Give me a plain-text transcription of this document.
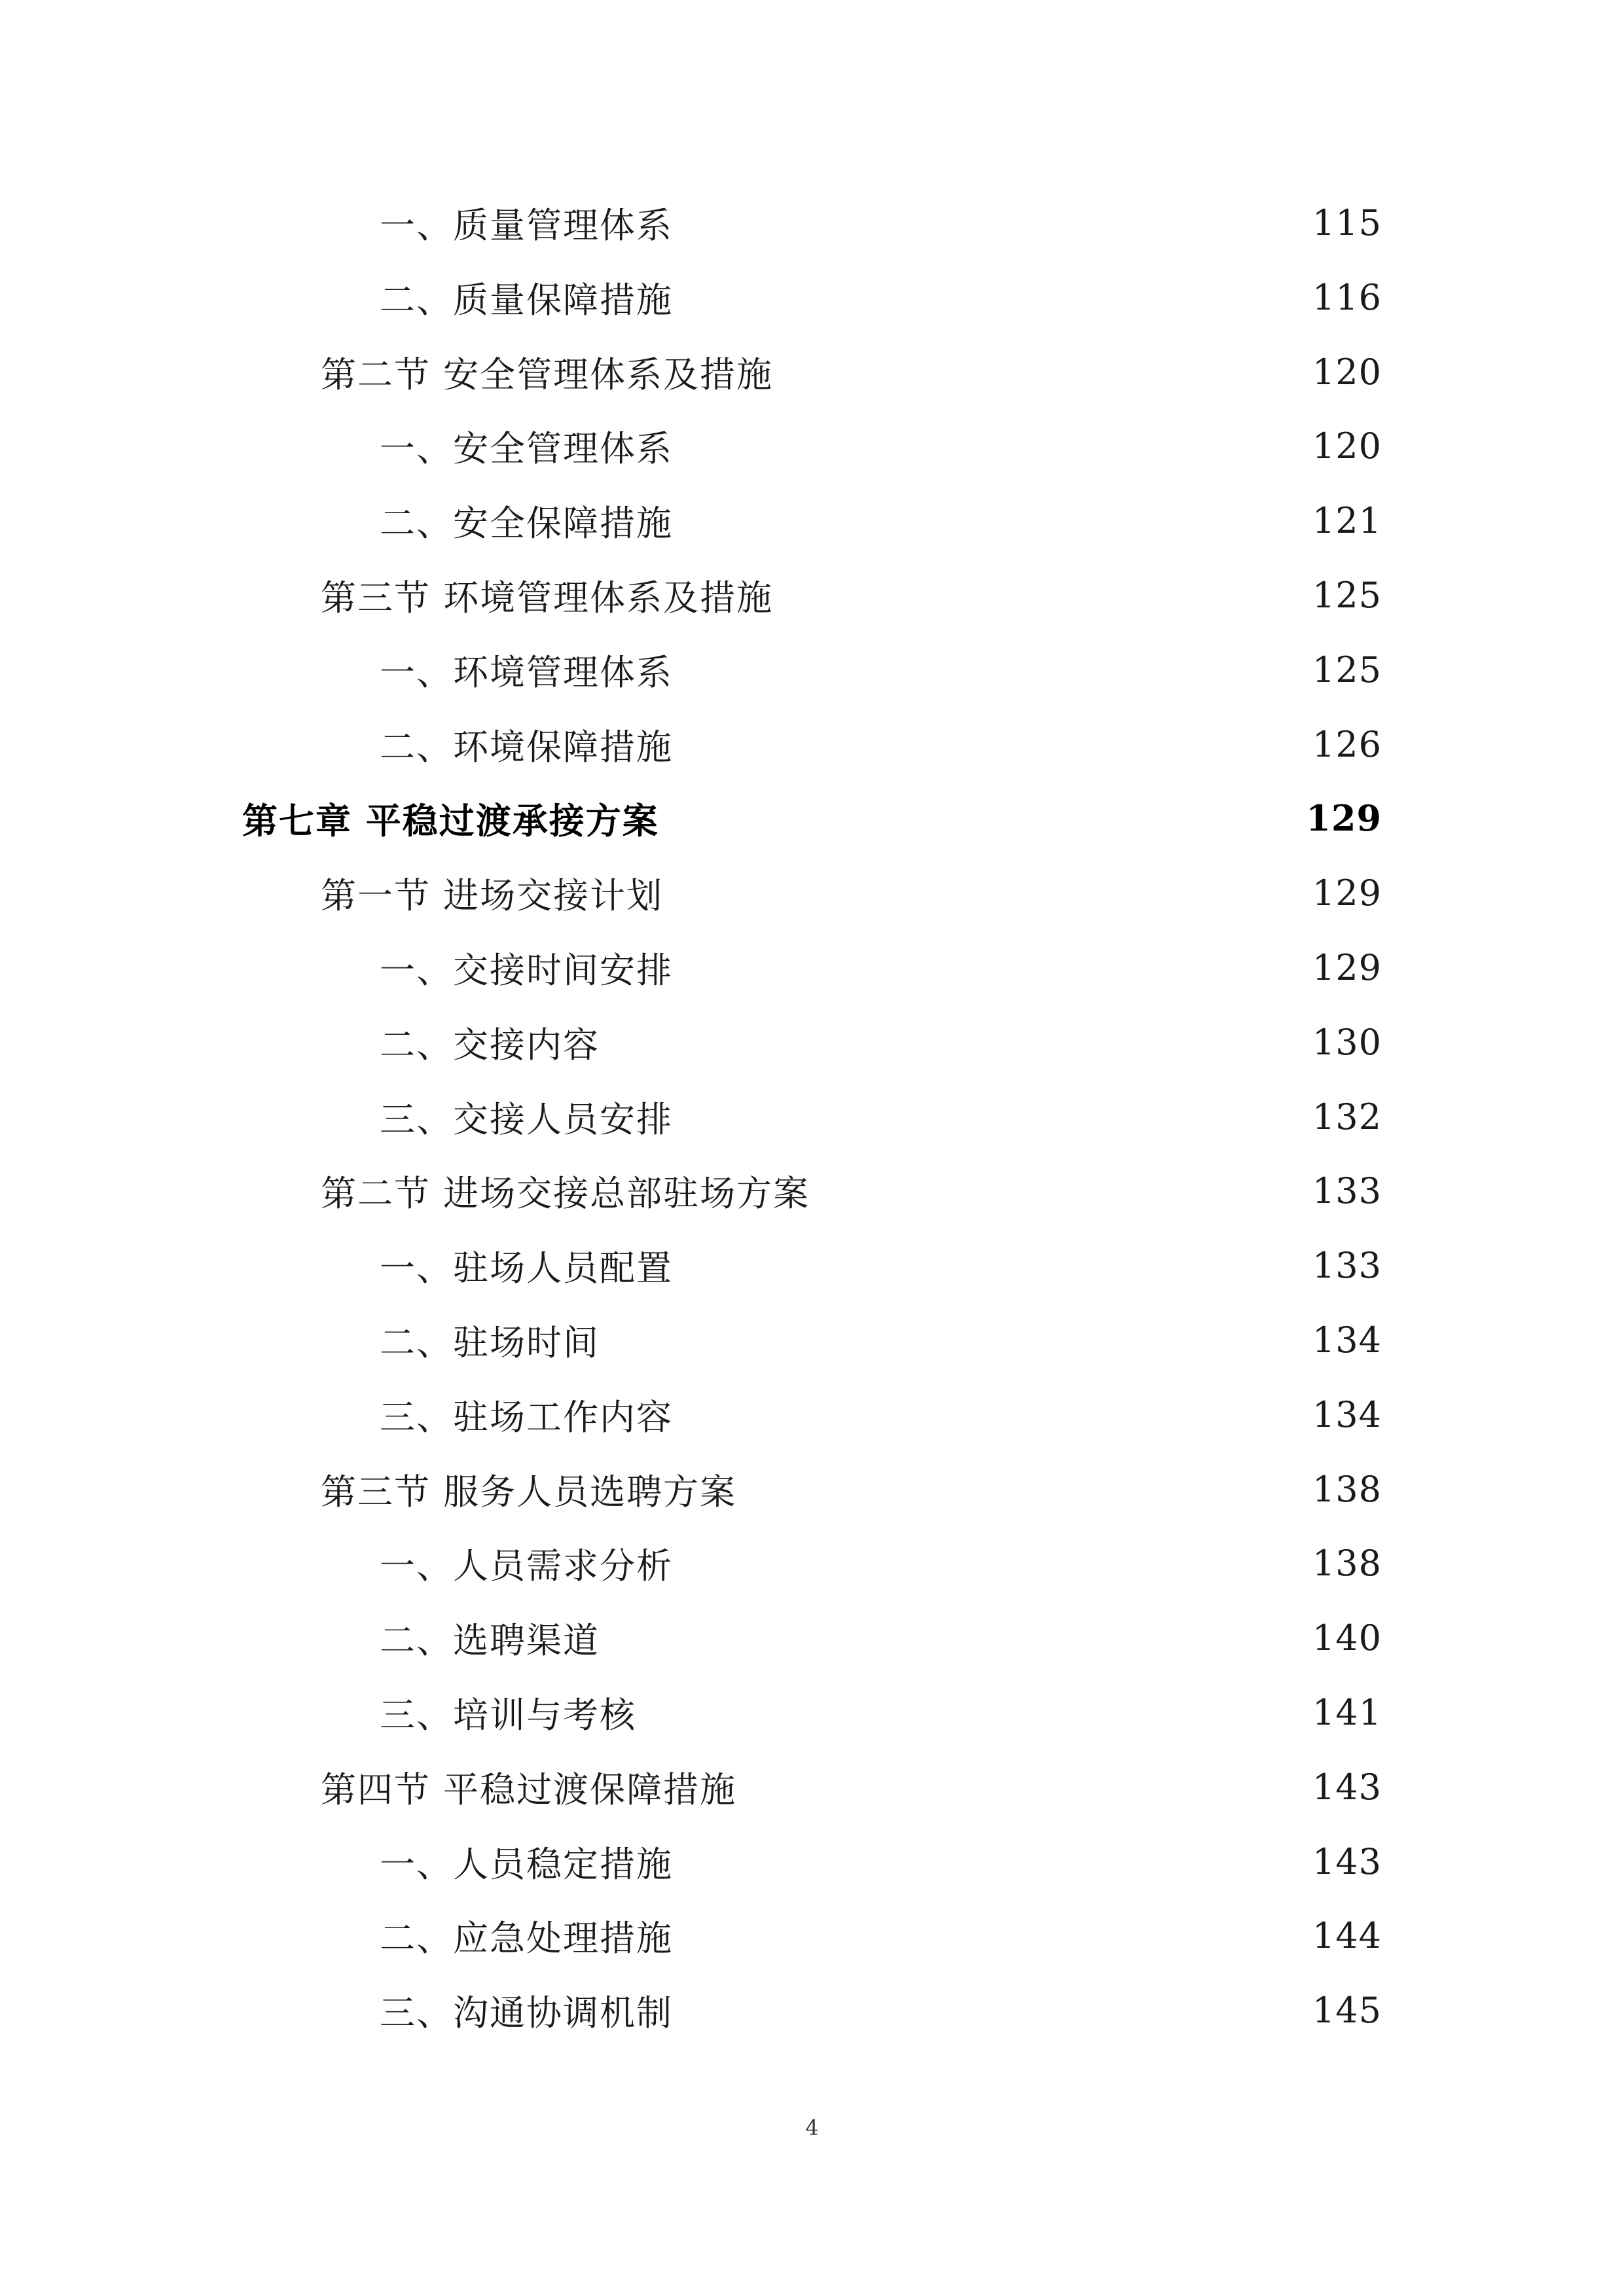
一、质量管理体系	115
二、质量保障措施	116
第二节 安全管理体系及措施	120
一、安全管理体系	120
二、安全保障措施	121
第三节 环境管理体系及措施	125
一、环境管理体系	125
二、环境保障措施	126
第七章 平稳过渡承接方案	129
第一节 进场交接计划	129
一、交接时间安排	129
二、交接内容	130
三、交接人员安排	132
第二节 进场交接总部驻场方案	133
一、驻场人员配置	133
二、驻场时间	134
三、驻场工作内容	134
第三节 服务人员选聘方案	138
一、人员需求分析	138
二、选聘渠道	140
三、培训与考核	141
第四节 平稳过渡保障措施	143
一、人员稳定措施	143
二、应急处理措施	144
三、沟通协调机制	145
4
